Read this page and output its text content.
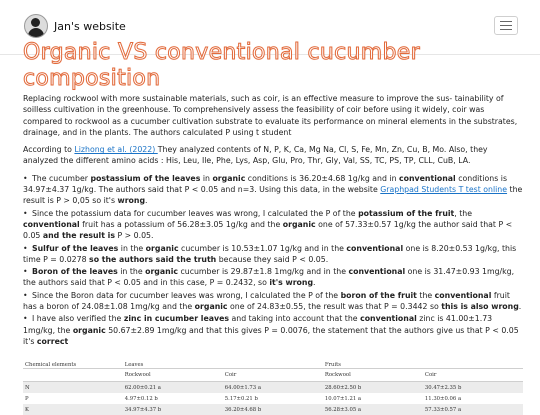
Jan's website
Organic VS conventional cucumber composition

Replacing rockwool with more sustainable materials, such as coir, is an effective measure to improve the sus- tainability of soilless cultivation in the greenhouse. To comprehensively assess the feasibility of coir before using it widely, coir was compared to rockwool as a cucumber cultivation substrate to evaluate its performance on mineral elements in the substrates, drainage, and in the plants. The authors calculated P using t student

According to Lizhong et al. (2022) They analyzed contents of N, P, K, Ca, Mg Na, Cl, S, Fe, Mn, Zn, Cu, B, Mo. Also, they analyzed the different amino acids : His, Leu, Ile, Phe, Lys, Asp, Glu, Pro, Thr, Gly, Val, SS, TC, PS, TP, CLL, CuB, LA.

• The cucumber postassium of the leaves in organic conditions is 36.20±4.68 1g/kg and in conventional conditions is 34.97±4.37 1g/kg. The authors said that P < 0.05 and n=3. Using this data, in the website Graphpad Students T test online the result is P > 0,05 so it's wrong.
• Since the potassium data for cucumber leaves was wrong, I calculated the P of the potassium of the fruit, the conventional fruit has a potassium of 56.28±3.05 1g/kg and the organic one of 57.33±0.57 1g/kg the author said that P < 0.05 and the result is P > 0.05.
• Sulfur of the leaves in the organic cucumber is 10.53±1.07 1g/kg and in the conventional one is 8.20±0.53 1g/kg, this time P = 0.0278 so the authors said the truth because they said P < 0.05.
• Boron of the leaves in the organic cucumber is 29.87±1.8 1mg/kg and in the conventional one is 31.47±0.93 1mg/kg, the authors said that P < 0.05 and in this case, P = 0.2432, so it's wrong.
• Since the Boron data for cucumber leaves was wrong, I calculated the P of the boron of the fruit the conventional fruit has a boron of 24.08±1.08 1mg/kg and the organic one of 24.83±0.55, the result was that P = 0.3442 so this is also wrong.
• I have also verified the zinc in cucumber leaves and taking into account that the conventional zinc is 41.00±1.73 1mg/kg, the organic 50.67±2.89 1mg/kg and that this gives P = 0.0076, the statement that the authors give us that P < 0.05 it's correct
Chemical elements	Leaves		Fruits	
	Rockwool	Coir	Rockwool	Coir
N	62.00±0.21 a	64.00±1.73 a	28.60±2.50 b	30.47±2.35 b
P	4.97±0.12 b	5.17±0.21 b	10.07±1.21 a	11.30±0.06 a
K	34.97±4.37 b	36.20±4.68 b	56.28±3.05 a	57.33±0.57 a
